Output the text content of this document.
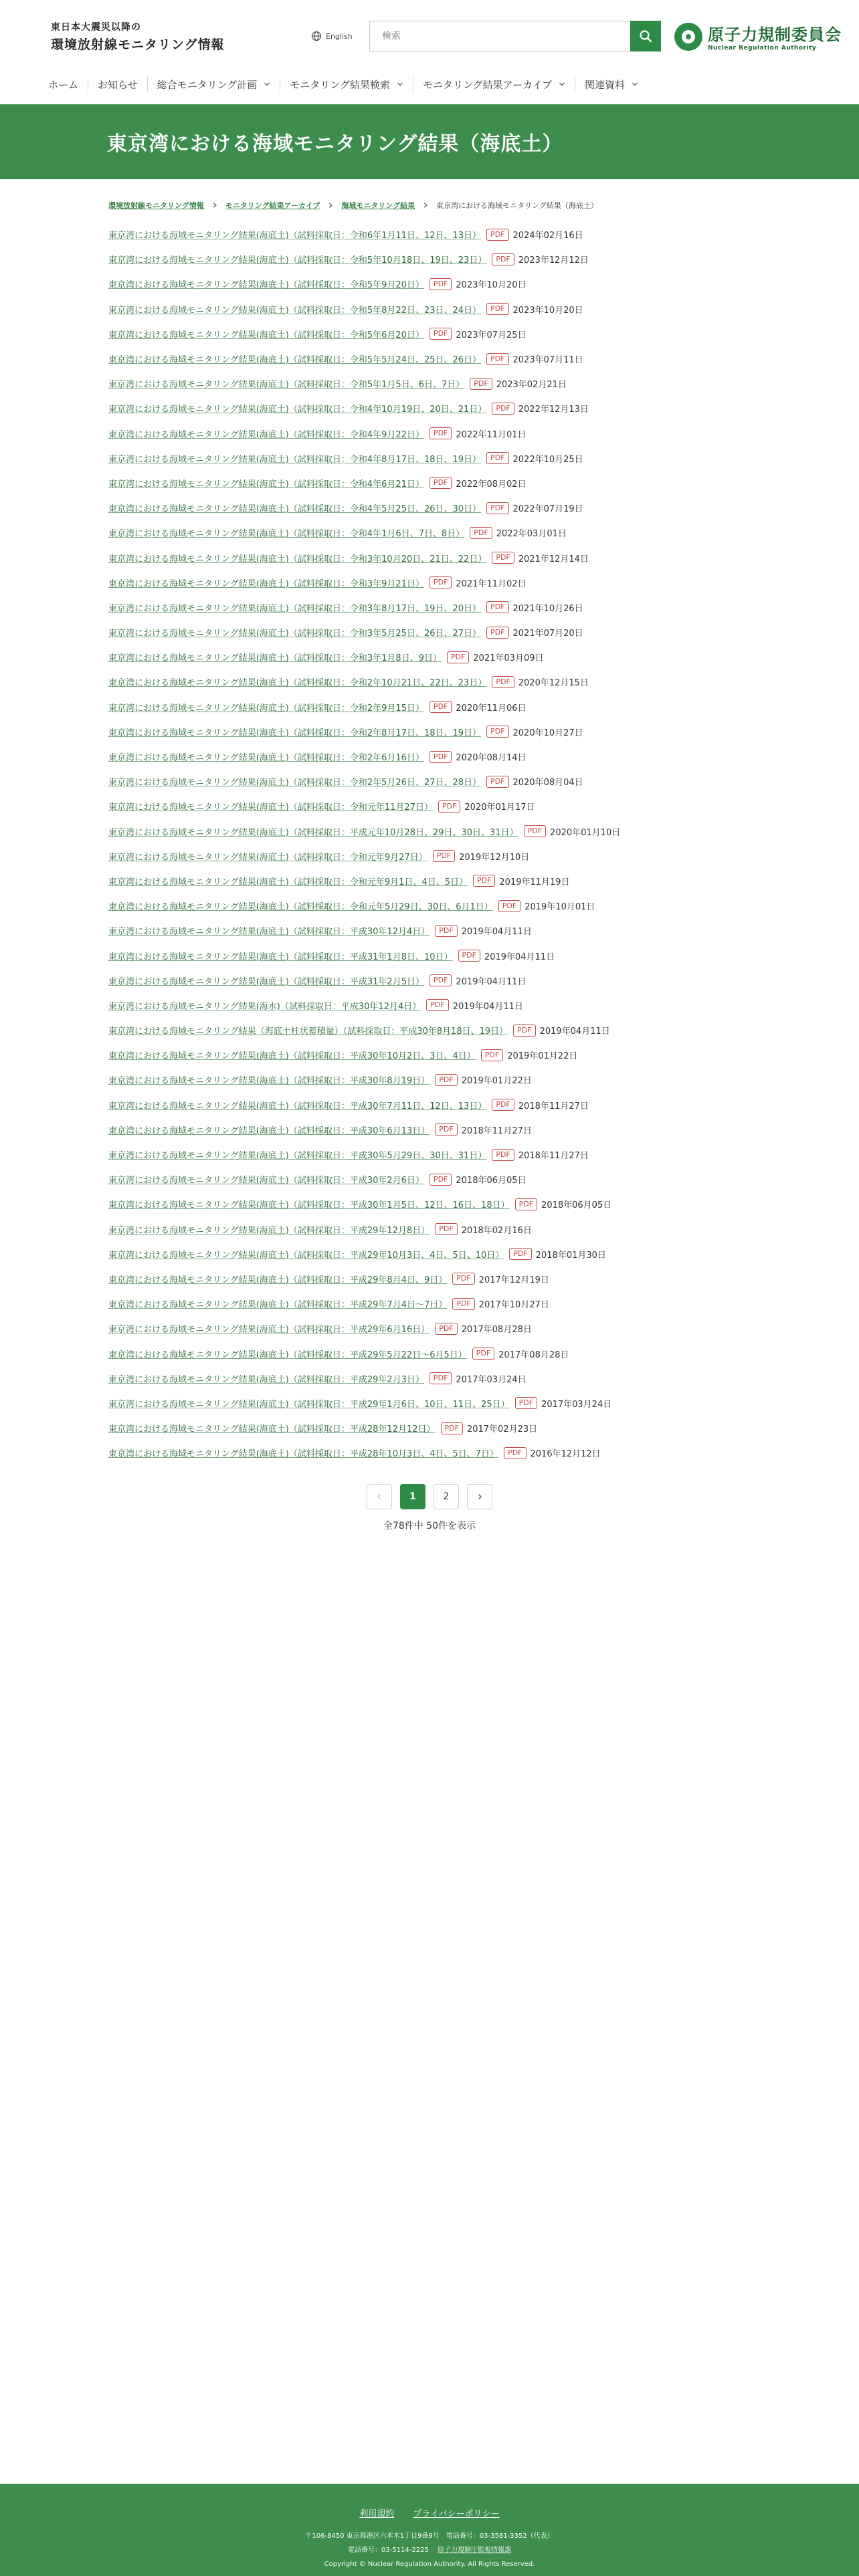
東日本大震災以降の
環境放射線モニタリング情報
English
検索	原子力規制委員会
Nuclear Regulation Authority
ホーム お知らせ 総合モニタリング計画	モニタリング結果検索	モニタリング結果アーカイブ	関連資料
東京湾における海域モニタリング結果（海底土）
環境放射線モニタリング情報	モニタリング結果アーカイブ	海域モニタリング結果	東京湾における海域モニタリング結果（海底土）
東京湾における海域モニタリング結果(海底土)（試料採取日：令和6年1月11日、12日、13日）	PDF 2024年02月16日
東京湾における海域モニタリング結果(海底土)（試料採取日：令和5年10月18日、19日、23日）	PDF 2023年12月12日
東京湾における海域モニタリング結果(海底土)（試料採取日：令和5年9月20日）	PDF 2023年10月20日
東京湾における海域モニタリング結果(海底土)（試料採取日：令和5年8月22日、23日、24日）	PDF 2023年10月20日
東京湾における海域モニタリング結果(海底土)（試料採取日：令和5年6月20日）	PDF 2023年07月25日
東京湾における海域モニタリング結果(海底土)（試料採取日：令和5年5月24日、25日、26日）	PDF 2023年07月11日
東京湾における海域モニタリング結果(海底土)（試料採取日：令和5年1月5日、6日、7日）	PDF 2023年02月21日
東京湾における海域モニタリング結果(海底土)（試料採取日：令和4年10月19日、20日、21日）	PDF 2022年12月13日
東京湾における海域モニタリング結果(海底土)（試料採取日：令和4年9月22日）	PDF 2022年11月01日
東京湾における海域モニタリング結果(海底土)（試料採取日：令和4年8月17日、18日、19日）	PDF 2022年10月25日
東京湾における海域モニタリング結果(海底土)（試料採取日：令和4年6月21日）	PDF 2022年08月02日
東京湾における海域モニタリング結果(海底土)（試料採取日：令和4年5月25日、26日、30日）	PDF 2022年07月19日
東京湾における海域モニタリング結果(海底土)（試料採取日：令和4年1月6日、7日、8日）	PDF 2022年03月01日
東京湾における海域モニタリング結果(海底土)（試料採取日：令和3年10月20日、21日、22日）	PDF 2021年12月14日
東京湾における海域モニタリング結果(海底土)（試料採取日：令和3年9月21日）	PDF 2021年11月02日
東京湾における海域モニタリング結果(海底土)（試料採取日：令和3年8月17日、19日、20日）	PDF 2021年10月26日
東京湾における海域モニタリング結果(海底土)（試料採取日：令和3年5月25日、26日、27日）	PDF 2021年07月20日
東京湾における海域モニタリング結果(海底土)（試料採取日：令和3年1月8日、9日）	PDF 2021年03月09日
東京湾における海域モニタリング結果(海底土)（試料採取日：令和2年10月21日、22日、23日）	PDF 2020年12月15日
東京湾における海域モニタリング結果(海底土)（試料採取日：令和2年9月15日）	PDF 2020年11月06日
東京湾における海域モニタリング結果(海底土)（試料採取日：令和2年8月17日、18日、19日）	PDF 2020年10月27日
東京湾における海域モニタリング結果(海底土)（試料採取日：令和2年6月16日）	PDF 2020年08月14日
東京湾における海域モニタリング結果(海底土)（試料採取日：令和2年5月26日、27日、28日）	PDF 2020年08月04日
東京湾における海域モニタリング結果(海底土)（試料採取日：令和元年11月27日）	PDF 2020年01月17日
東京湾における海域モニタリング結果(海底土)（試料採取日：平成元年10月28日、29日、30日、31日）	PDF 2020年01月10日
東京湾における海域モニタリング結果(海底土)（試料採取日：令和元年9月27日）	PDF 2019年12月10日
東京湾における海域モニタリング結果(海底土)（試料採取日：令和元年9月1日、4日、5日）	PDF 2019年11月19日
東京湾における海域モニタリング結果(海底土)（試料採取日：令和元年5月29日、30日、6月1日）	PDF 2019年10月01日
東京湾における海域モニタリング結果(海底土)（試料採取日：平成30年12月4日）	PDF 2019年04月11日
東京湾における海域モニタリング結果(海底土)（試料採取日：平成31年1月8日、10日）	PDF 2019年04月11日
東京湾における海域モニタリング結果(海底土)（試料採取日：平成31年2月5日）	PDF 2019年04月11日
東京湾における海域モニタリング結果(海水)（試料採取日：平成30年12月4日）	PDF 2019年04月11日
東京湾における海域モニタリング結果（海底土柱状蓄積量）（試料採取日：平成30年8月18日、19日）	PDF 2019年04月11日
東京湾における海域モニタリング結果(海底土)（試料採取日：平成30年10月2日、3日、4日）	PDF 2019年01月22日
東京湾における海域モニタリング結果(海底土)（試料採取日：平成30年8月19日）	PDF 2019年01月22日
東京湾における海域モニタリング結果(海底土)（試料採取日：平成30年7月11日、12日、13日）	PDF 2018年11月27日
東京湾における海域モニタリング結果(海底土)（試料採取日：平成30年6月13日）	PDF 2018年11月27日
東京湾における海域モニタリング結果(海底土)（試料採取日：平成30年5月29日、30日、31日）	PDF 2018年11月27日
東京湾における海域モニタリング結果(海底土)（試料採取日：平成30年2月6日）	PDF 2018年06月05日
東京湾における海域モニタリング結果(海底土)（試料採取日：平成30年1月5日、12日、16日、18日）	PDF 2018年06月05日
東京湾における海域モニタリング結果(海底土)（試料採取日：平成29年12月8日）	PDF 2018年02月16日
東京湾における海域モニタリング結果(海底土)（試料採取日：平成29年10月3日、4日、5日、10日）	PDF 2018年01月30日
東京湾における海域モニタリング結果(海底土)（試料採取日：平成29年8月4日、9日）	PDF 2017年12月19日
東京湾における海域モニタリング結果(海底土)（試料採取日：平成29年7月4日〜7日）	PDF 2017年10月27日
東京湾における海域モニタリング結果(海底土)（試料採取日：平成29年6月16日）	PDF 2017年08月28日
東京湾における海域モニタリング結果(海底土)（試料採取日：平成29年5月22日〜6月5日）	PDF 2017年08月28日
東京湾における海域モニタリング結果(海底土)（試料採取日：平成29年2月3日）	PDF 2017年03月24日
東京湾における海域モニタリング結果(海底土)（試料採取日：平成29年1月6日、10日、11日、25日）	PDF 2017年03月24日
東京湾における海域モニタリング結果(海底土)（試料採取日：平成28年12月12日）	PDF 2017年02月23日
東京湾における海域モニタリング結果(海底土)（試料採取日：平成28年10月3日、4日、5日、7日）	PDF 2016年12月12日
1	2
全78件中 50件を表示
利用規約 プライバシーポリシー
〒106-8450 東京都港区六本木1丁目9番9号　電話番号：03-3581-3352（代表）
電話番号：03-5114-2225 原子力規制庁監視情報課
Copyright © Nuclear Regulation Authority. All Rights Reserved.
